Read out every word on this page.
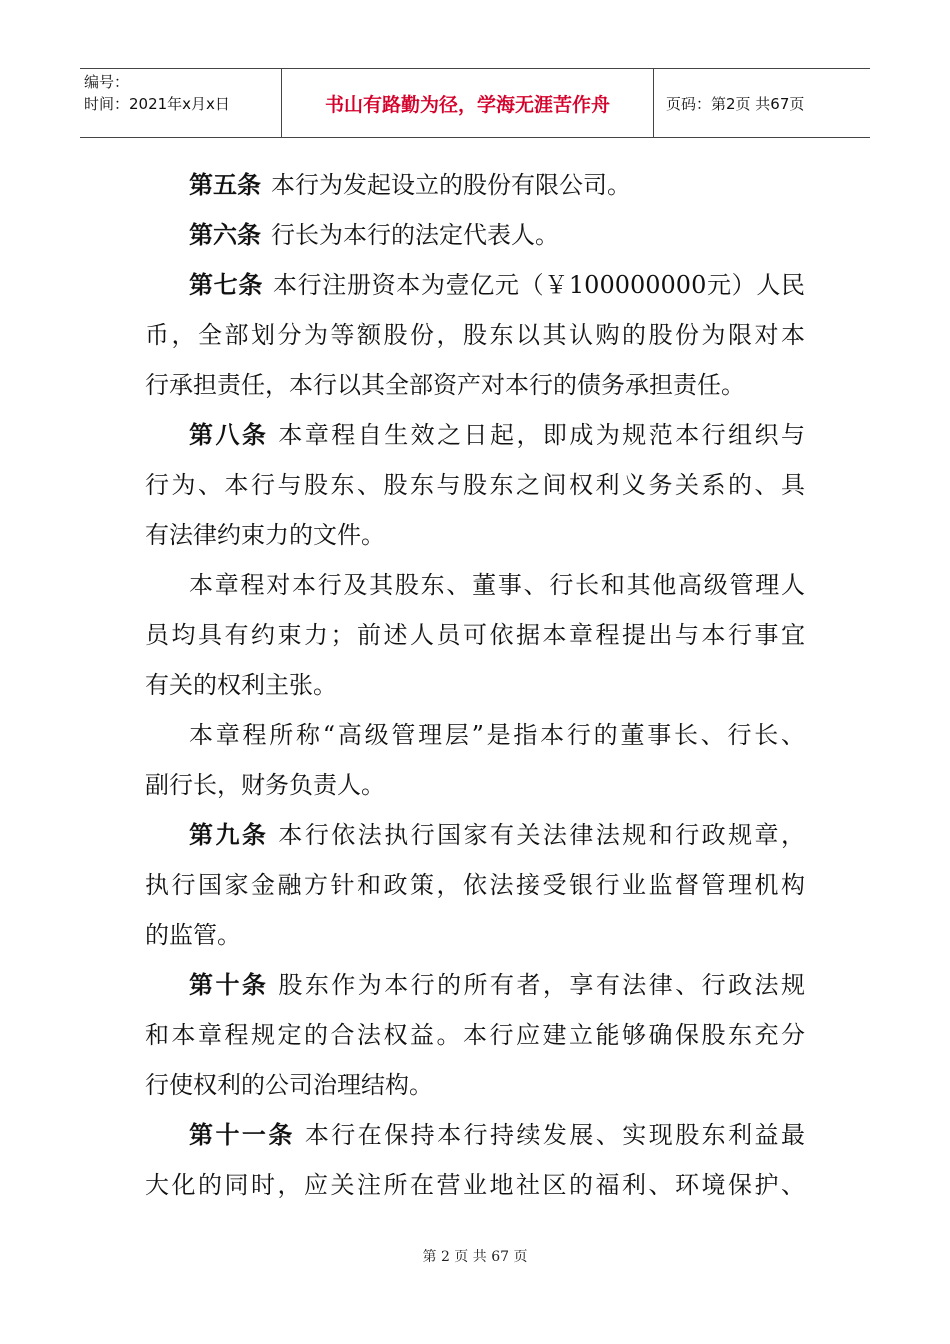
编号：
时间：2021年x月x日	书山有路勤为径，学海无涯苦作舟	页码：第2页 共67页
第五条 本行为发起设立的股份有限公司。
第六条 行长为本行的法定代表人。
第七条 本行注册资本为壹亿元（￥100000000元）人民
币，全部划分为等额股份，股东以其认购的股份为限对本
行承担责任，本行以其全部资产对本行的债务承担责任。
第八条 本章程自生效之日起，即成为规范本行组织与
行为、本行与股东、股东与股东之间权利义务关系的、具
有法律约束力的文件。
本章程对本行及其股东、董事、行长和其他高级管理人
员均具有约束力；前述人员可依据本章程提出与本行事宜
有关的权利主张。
本章程所称“高级管理层”是指本行的董事长、行长、
副行长，财务负责人。
第九条 本行依法执行国家有关法律法规和行政规章，
执行国家金融方针和政策，依法接受银行业监督管理机构
的监管。
第十条 股东作为本行的所有者，享有法律、行政法规
和本章程规定的合法权益。本行应建立能够确保股东充分
行使权利的公司治理结构。
第十一条 本行在保持本行持续发展、实现股东利益最
大化的同时，应关注所在营业地社区的福利、环境保护、
第 2 页 共 67 页
